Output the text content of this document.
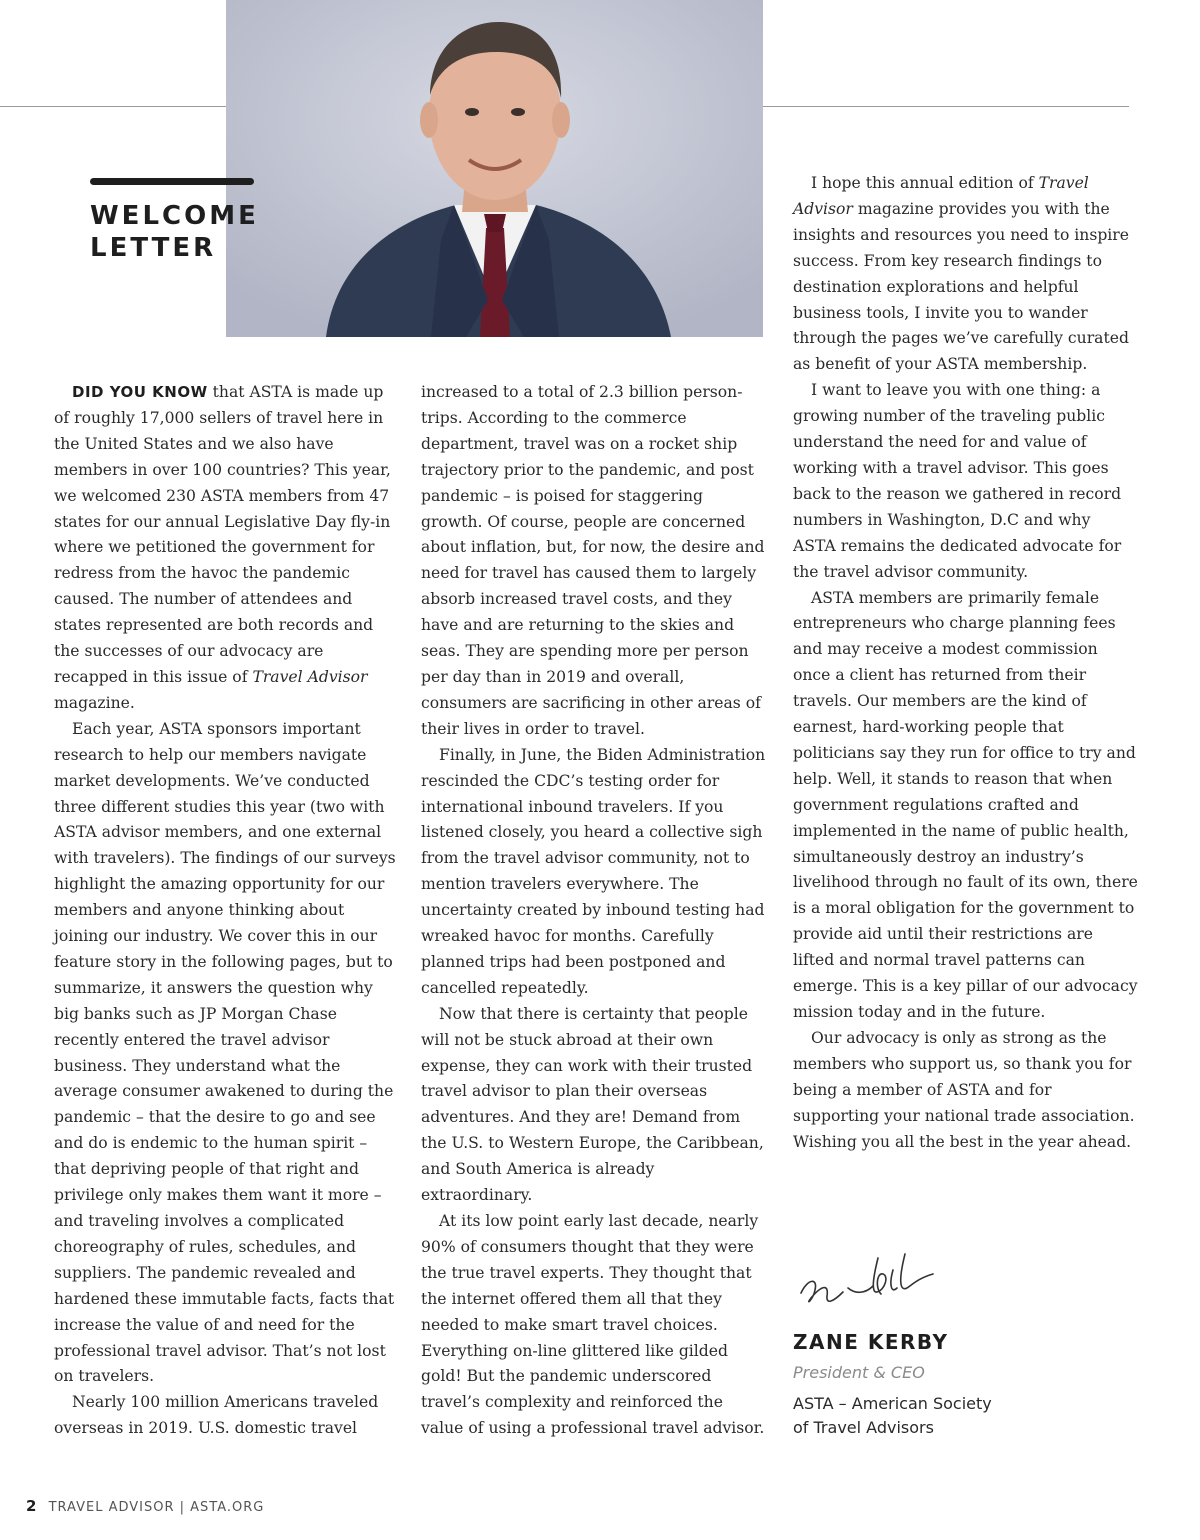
WELCOME
LETTER

DID YOU KNOW that ASTA is made up of roughly 17,000 sellers of travel here in the United States and we also have members in over 100 countries? This year, we welcomed 230 ASTA members from 47 states for our annual Legislative Day fly-in where we petitioned the government for redress from the havoc the pandemic caused. The number of attendees and states represented are both records and the successes of our advocacy are recapped in this issue of Travel Advisor magazine.

Each year, ASTA sponsors important research to help our members navigate market developments. We’ve conducted three different studies this year (two with ASTA advisor members, and one external with travelers). The findings of our surveys highlight the amazing opportunity for our members and anyone thinking about joining our industry. We cover this in our feature story in the following pages, but to summarize, it answers the question why big banks such as JP Morgan Chase recently entered the travel advisor business. They understand what the average consumer awakened to during the pandemic – that the desire to go and see and do is endemic to the human spirit – that depriving people of that right and privilege only makes them want it more – and traveling involves a complicated choreography of rules, schedules, and suppliers. The pandemic revealed and hardened these immutable facts, facts that increase the value of and need for the professional travel advisor. That’s not lost on travelers.

Nearly 100 million Americans traveled overseas in 2019. U.S. domestic travel

increased to a total of 2.3 billion person-trips. According to the commerce department, travel was on a rocket ship trajectory prior to the pandemic, and post pandemic – is poised for staggering growth. Of course, people are concerned about inflation, but, for now, the desire and need for travel has caused them to largely absorb increased travel costs, and they have and are returning to the skies and seas. They are spending more per person per day than in 2019 and overall, consumers are sacrificing in other areas of their lives in order to travel.

Finally, in June, the Biden Administration rescinded the CDC’s testing order for international inbound travelers. If you listened closely, you heard a collective sigh from the travel advisor community, not to mention travelers everywhere. The uncertainty created by inbound testing had wreaked havoc for months. Carefully planned trips had been postponed and cancelled repeatedly.

Now that there is certainty that people will not be stuck abroad at their own expense, they can work with their trusted travel advisor to plan their overseas adventures. And they are! Demand from the U.S. to Western Europe, the Caribbean, and South America is already extraordinary.

At its low point early last decade, nearly 90% of consumers thought that they were the true travel experts. They thought that the internet offered them all that they needed to make smart travel choices. Everything on-line glittered like gilded gold! But the pandemic underscored travel’s complexity and reinforced the value of using a professional travel advisor.

I hope this annual edition of Travel Advisor magazine provides you with the insights and resources you need to inspire success. From key research findings to destination explorations and helpful business tools, I invite you to wander through the pages we’ve carefully curated as benefit of your ASTA membership.

I want to leave you with one thing: a growing number of the traveling public understand the need for and value of working with a travel advisor. This goes back to the reason we gathered in record numbers in Washington, D.C and why ASTA remains the dedicated advocate for the travel advisor community.

ASTA members are primarily female entrepreneurs who charge planning fees and may receive a modest commission once a client has returned from their travels. Our members are the kind of earnest, hard-working people that politicians say they run for office to try and help. Well, it stands to reason that when government regulations crafted and implemented in the name of public health, simultaneously destroy an industry’s livelihood through no fault of its own, there is a moral obligation for the government to provide aid until their restrictions are lifted and normal travel patterns can emerge. This is a key pillar of our advocacy mission today and in the future.

Our advocacy is only as strong as the members who support us, so thank you for being a member of ASTA and for supporting your national trade association. Wishing you all the best in the year ahead.

ZANE KERBY
President & CEO
ASTA – American Society
of Travel Advisors
2 TRAVEL ADVISOR | ASTA.ORG
